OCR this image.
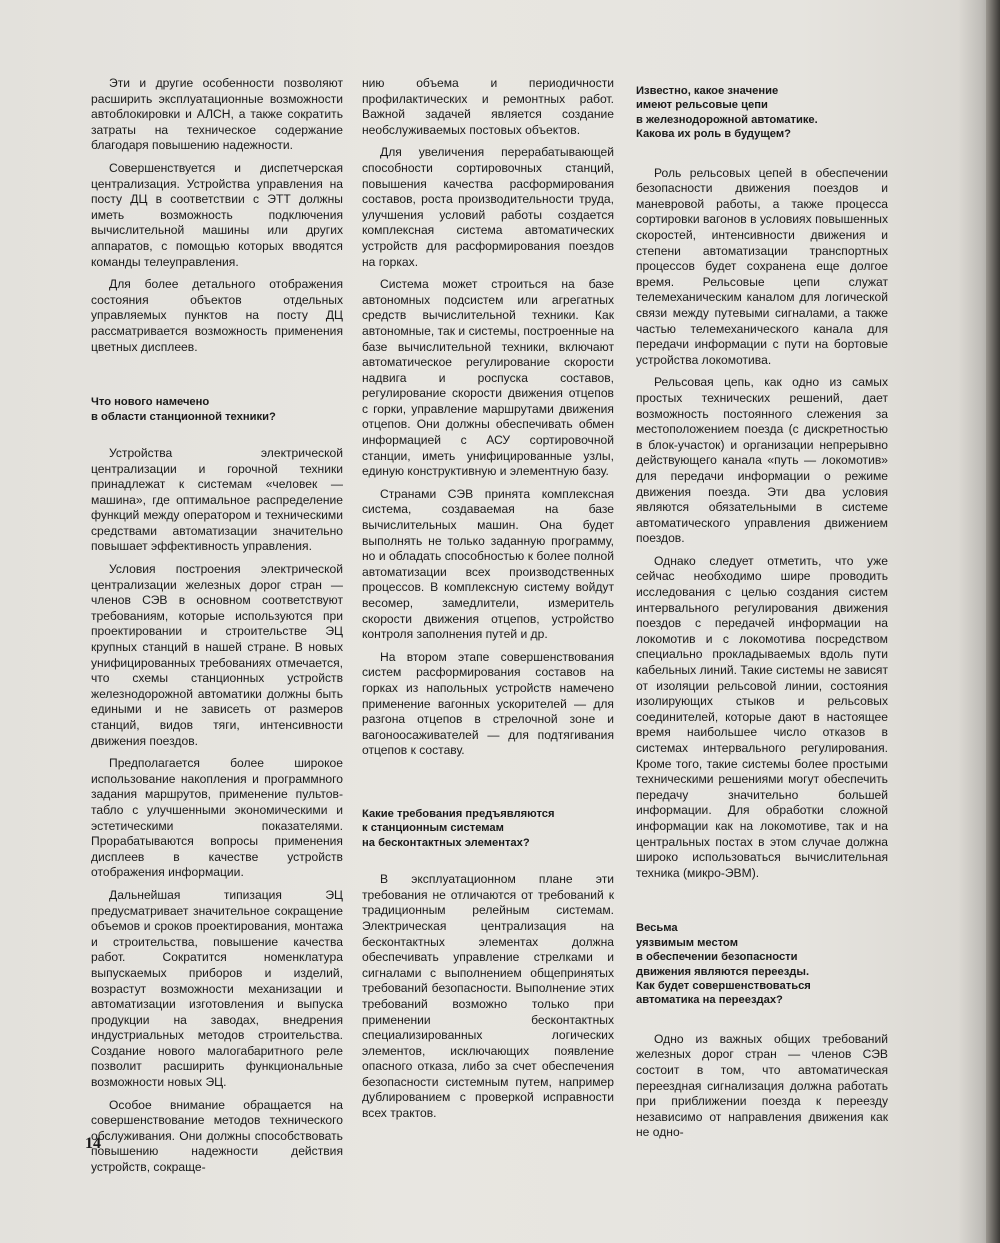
Эти и другие особенности позволяют расширить эксплуатационные возможности автоблокировки и АЛСН, а также сократить затраты на техническое содержание благодаря повышению надежности.

Совершенствуется и диспетчерская централизация. Устройства управления на посту ДЦ в соответствии с ЭТТ должны иметь возможность подключения вычислительной машины или других аппаратов, с помощью которых вводятся команды телеуправления.

Для более детального отображения состояния объектов отдельных управляемых пунктов на посту ДЦ рассматривается возможность применения цветных дисплеев.

Что нового намечено
в области станционной техники?

Устройства электрической централизации и горочной техники принадлежат к системам «человек — машина», где оптимальное распределение функций между оператором и техническими средствами автоматизации значительно повышает эффективность управления.

Условия построения электрической централизации железных дорог стран — членов СЭВ в основном соответствуют требованиям, которые используются при проектировании и строительстве ЭЦ крупных станций в нашей стране. В новых унифицированных требованиях отмечается, что схемы станционных устройств железнодорожной автоматики должны быть едиными и не зависеть от размеров станций, видов тяги, интенсивности движения поездов.

Предполагается более широкое использование накопления и программного задания маршрутов, применение пультов-табло с улучшенными экономическими и эстетическими показателями. Прорабатываются вопросы применения дисплеев в качестве устройств отображения информации.

Дальнейшая типизация ЭЦ предусматривает значительное сокращение объемов и сроков проектирования, монтажа и строительства, повышение качества работ. Сократится номенклатура выпускаемых приборов и изделий, возрастут возможности механизации и автоматизации изготовления и выпуска продукции на заводах, внедрения индустриальных методов строительства. Создание нового малогабаритного реле позволит расширить функциональные возможности новых ЭЦ.

Особое внимание обращается на совершенствование методов технического обслуживания. Они должны способствовать повышению надежности действия устройств, сокраще-

нию объема и периодичности профилактических и ремонтных работ. Важной задачей является создание необслуживаемых постовых объектов.

Для увеличения перерабатывающей способности сортировочных станций, повышения качества расформирования составов, роста производительности труда, улучшения условий работы создается комплексная система автоматических устройств для расформирования поездов на горках.

Система может строиться на базе автономных подсистем или агрегатных средств вычислительной техники. Как автономные, так и системы, построенные на базе вычислительной техники, включают автоматическое регулирование скорости надвига и роспуска составов, регулирование скорости движения отцепов с горки, управление маршрутами движения отцепов. Они должны обеспечивать обмен информацией с АСУ сортировочной станции, иметь унифицированные узлы, единую конструктивную и элементную базу.

Странами СЭВ принята комплексная система, создаваемая на базе вычислительных машин. Она будет выполнять не только заданную программу, но и обладать способностью к более полной автоматизации всех производственных процессов. В комплексную систему войдут весомер, замедлители, измеритель скорости движения отцепов, устройство контроля заполнения путей и др.

На втором этапе совершенствования систем расформирования составов на горках из напольных устройств намечено применение вагонных ускорителей — для разгона отцепов в стрелочной зоне и вагоноосаживателей — для подтягивания отцепов к составу.

Какие требования предъявляются
к станционным системам
на бесконтактных элементах?

В эксплуатационном плане эти требования не отличаются от требований к традиционным релейным системам. Электрическая централизация на бесконтактных элементах должна обеспечивать управление стрелками и сигналами с выполнением общепринятых требований безопасности. Выполнение этих требований возможно только при применении бесконтактных специализированных логических элементов, исключающих появление опасного отказа, либо за счет обеспечения безопасности системным путем, например дублированием с проверкой исправности всех трактов.

Известно, какое значение
имеют рельсовые цепи
в железнодорожной автоматике.
Какова их роль в будущем?

Роль рельсовых цепей в обеспечении безопасности движения поездов и маневровой работы, а также процесса сортировки вагонов в условиях повышенных скоростей, интенсивности движения и степени автоматизации транспортных процессов будет сохранена еще долгое время. Рельсовые цепи служат телемеханическим каналом для логической связи между путевыми сигналами, а также частью телемеханического канала для передачи информации с пути на бортовые устройства локомотива.

Рельсовая цепь, как одно из самых простых технических решений, дает возможность постоянного слежения за местоположением поезда (с дискретностью в блок-участок) и организации непрерывно действующего канала «путь — локомотив» для передачи информации о режиме движения поезда. Эти два условия являются обязательными в системе автоматического управления движением поездов.

Однако следует отметить, что уже сейчас необходимо шире проводить исследования с целью создания систем интервального регулирования движения поездов с передачей информации на локомотив и с локомотива посредством специально прокладываемых вдоль пути кабельных линий. Такие системы не зависят от изоляции рельсовой линии, состояния изолирующих стыков и рельсовых соединителей, которые дают в настоящее время наибольшее число отказов в системах интервального регулирования. Кроме того, такие системы более простыми техническими решениями могут обеспечить передачу значительно большей информации. Для обработки сложной информации как на локомотиве, так и на центральных постах в этом случае должна широко использоваться вычислительная техника (микро-ЭВМ).

Весьма
уязвимым местом
в обеспечении безопасности
движения являются переезды.
Как будет совершенствоваться
автоматика на переездах?

Одно из важных общих требований железных дорог стран — членов СЭВ состоит в том, что автоматическая переездная сигнализация должна работать при приближении поезда к переезду независимо от направления движения как не одно-

14
